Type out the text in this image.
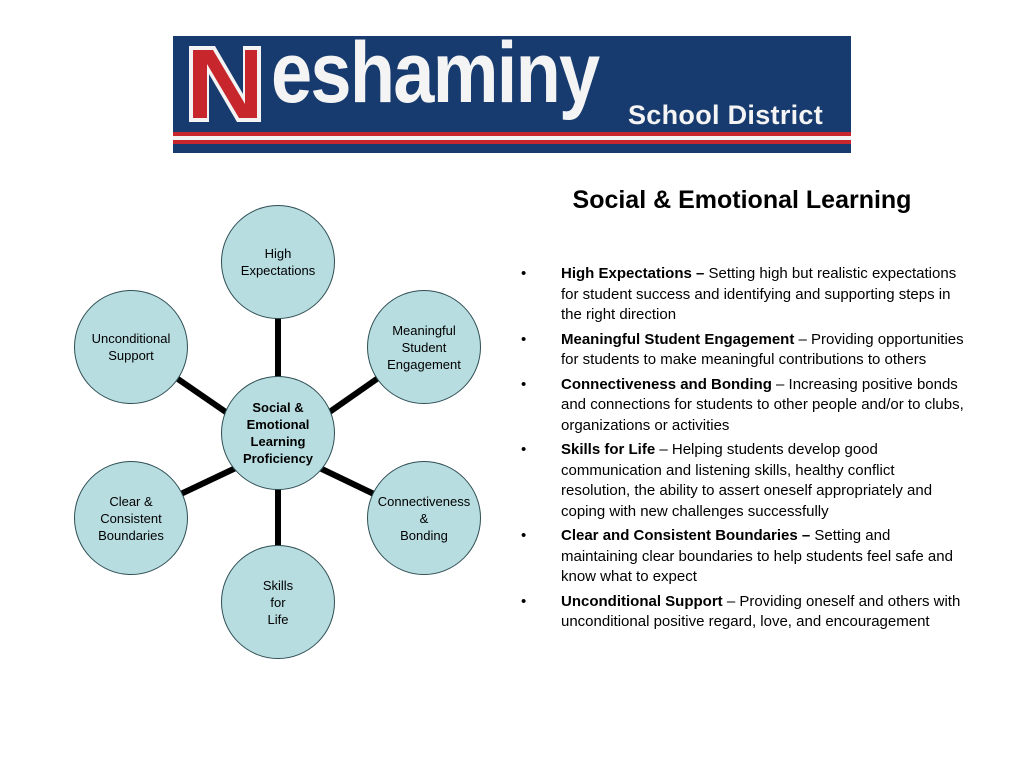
eshaminy School District
High
Expectations
Meaningful
Student
Engagement
Connectiveness
&
Bonding
Skills
for
Life
Clear &
Consistent
Boundaries
Unconditional
Support
Social &
Emotional
Learning
Proficiency
Social & Emotional Learning
• High Expectations – Setting high but realistic expectations for student success and identifying and supporting steps in the right direction
• Meaningful Student Engagement – Providing opportunities for students to make meaningful contributions to others
• Connectiveness and Bonding – Increasing positive bonds and connections for students to other people and/or to clubs, organizations or activities
• Skills for Life – Helping students develop good communication and listening skills, healthy conflict resolution, the ability to assert oneself appropriately and coping with new challenges successfully
• Clear and Consistent Boundaries – Setting and maintaining clear boundaries to help students feel safe and know what to expect
• Unconditional Support – Providing oneself and others with unconditional positive regard, love, and encouragement
